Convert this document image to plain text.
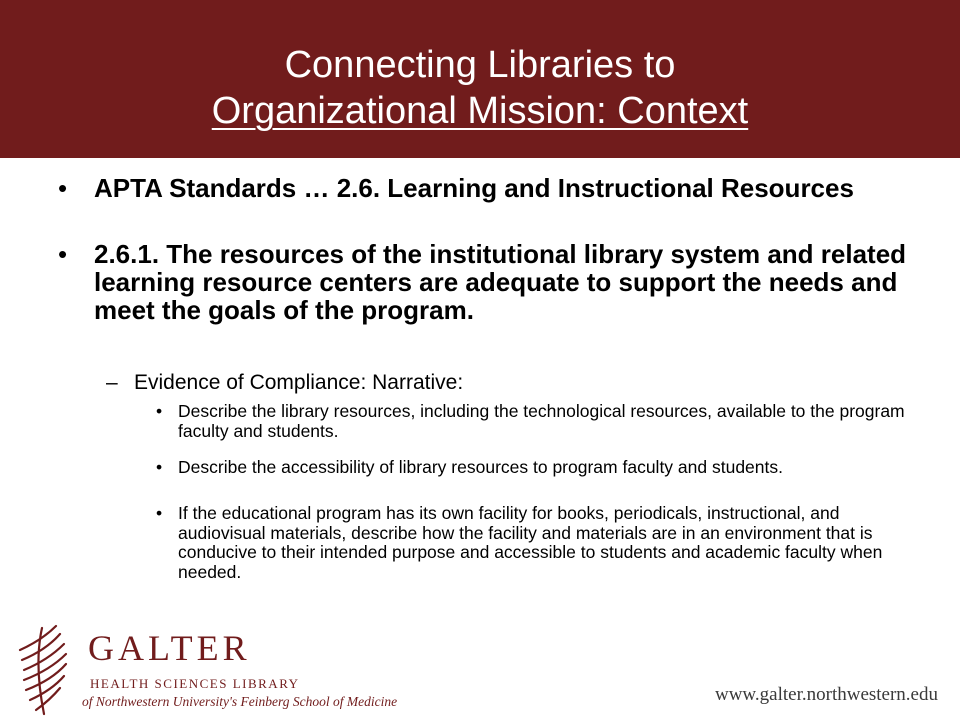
Connecting Libraries to
Organizational Mission: Context
• APTA Standards … 2.6. Learning and Instructional Resources
• 2.6.1. The resources of the institutional library system and related learning resource centers are adequate to support the needs and meet the goals of the program.
– Evidence of Compliance: Narrative:
• Describe the library resources, including the technological resources, available to the program faculty and students.
• Describe the accessibility of library resources to program faculty and students.
• If the educational program has its own facility for books, periodicals, instructional, and audiovisual materials, describe how the facility and materials are in an environment that is conducive to their intended purpose and accessible to students and academic faculty when needed.
GALTER
HEALTH SCIENCES LIBRARY
of Northwestern University's Feinberg School of Medicine	www.galter.northwestern.edu
